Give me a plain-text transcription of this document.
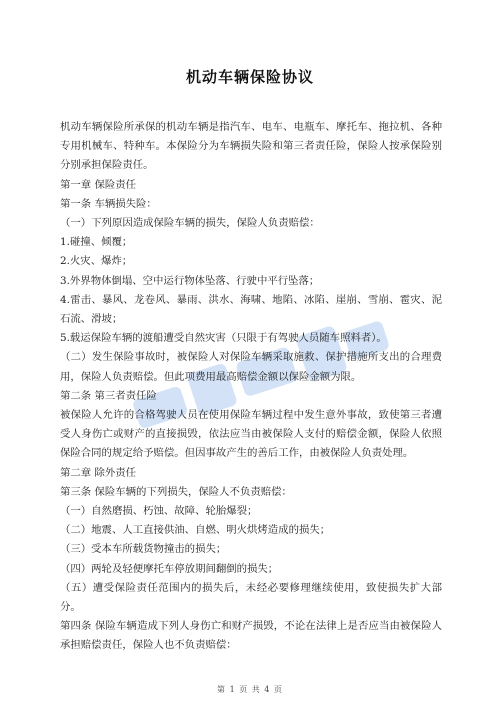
机动车辆保险协议

机动车辆保险所承保的机动车辆是指汽车、电车、电瓶车、摩托车、拖拉机、各种专用机械车、特种车。本保险分为车辆损失险和第三者责任险，保险人按承保险别分别承担保险责任。

第一章 保险责任

第一条 车辆损失险：

（一）下列原因造成保险车辆的损失，保险人负责赔偿：

1.碰撞、倾覆；

2.火灾、爆炸；

3.外界物体倒塌、空中运行物体坠落、行驶中平行坠落；

4.雷击、暴风、龙卷风、暴雨、洪水、海啸、地陷、冰陷、崖崩、雪崩、雹灾、泥石流、滑坡；

5.载运保险车辆的渡船遭受自然灾害（只限于有驾驶人员随车照料者）。

（二）发生保险事故时，被保险人对保险车辆采取施救、保护措施所支出的合理费用，保险人负责赔偿。但此项费用最高赔偿金额以保险金额为限。

第二条 第三者责任险

被保险人允许的合格驾驶人员在使用保险车辆过程中发生意外事故，致使第三者遭受人身伤亡或财产的直接损毁，依法应当由被保险人支付的赔偿金额，保险人依照保险合同的规定给予赔偿。但因事故产生的善后工作，由被保险人负责处理。

第二章 除外责任

第三条 保险车辆的下列损失，保险人不负责赔偿：

（一）自然磨损、朽蚀、故障、轮胎爆裂；

（二）地震、人工直接供油、自燃、明火烘烤造成的损失；

（三）受本车所载货物撞击的损失；

（四）两轮及轻便摩托车停放期间翻倒的损失；

（五）遭受保险责任范围内的损失后，未经必要修理继续使用，致使损失扩大部分。

第四条 保险车辆造成下列人身伤亡和财产损毁，不论在法律上是否应当由被保险人承担赔偿责任，保险人也不负责赔偿：

第 1 页 共 4 页
